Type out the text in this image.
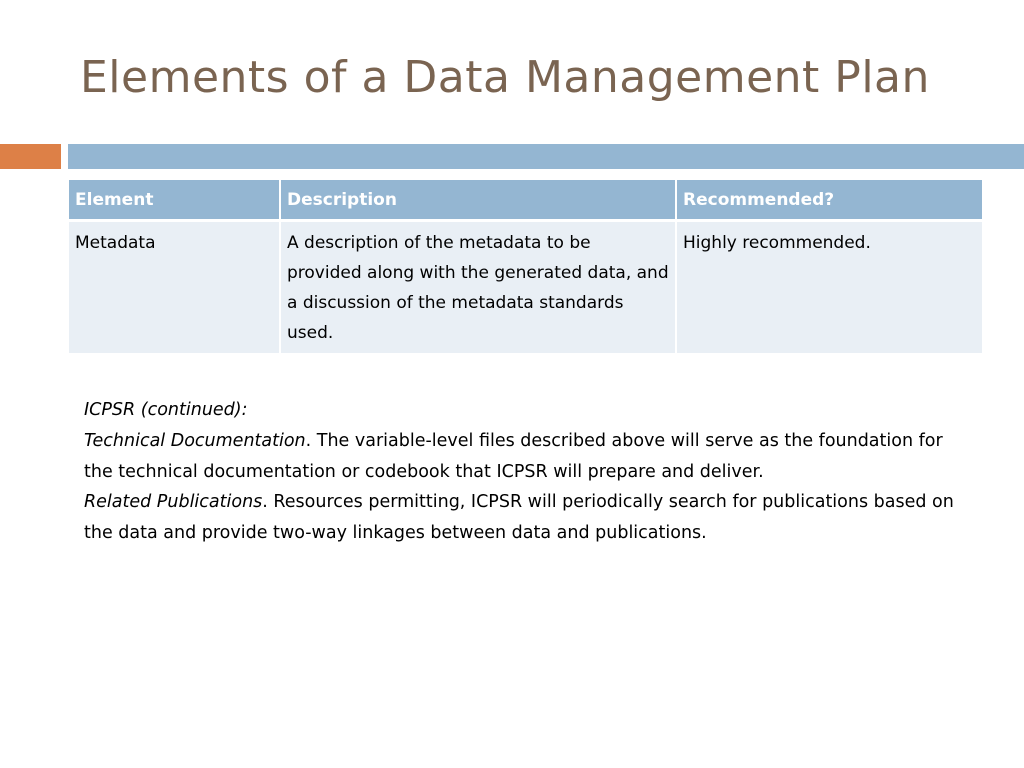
Elements of a Data Management Plan
Element	Description	Recommended?
Metadata	A description of the metadata to be provided along with the generated data, and a discussion of the metadata standards used.	Highly recommended.

ICPSR (continued):

Technical Documentation. The variable-level files described above will serve as the foundation for the technical documentation or codebook that ICPSR will prepare and deliver.

Related Publications. Resources permitting, ICPSR will periodically search for publications based on the data and provide two-way linkages between data and publications.
